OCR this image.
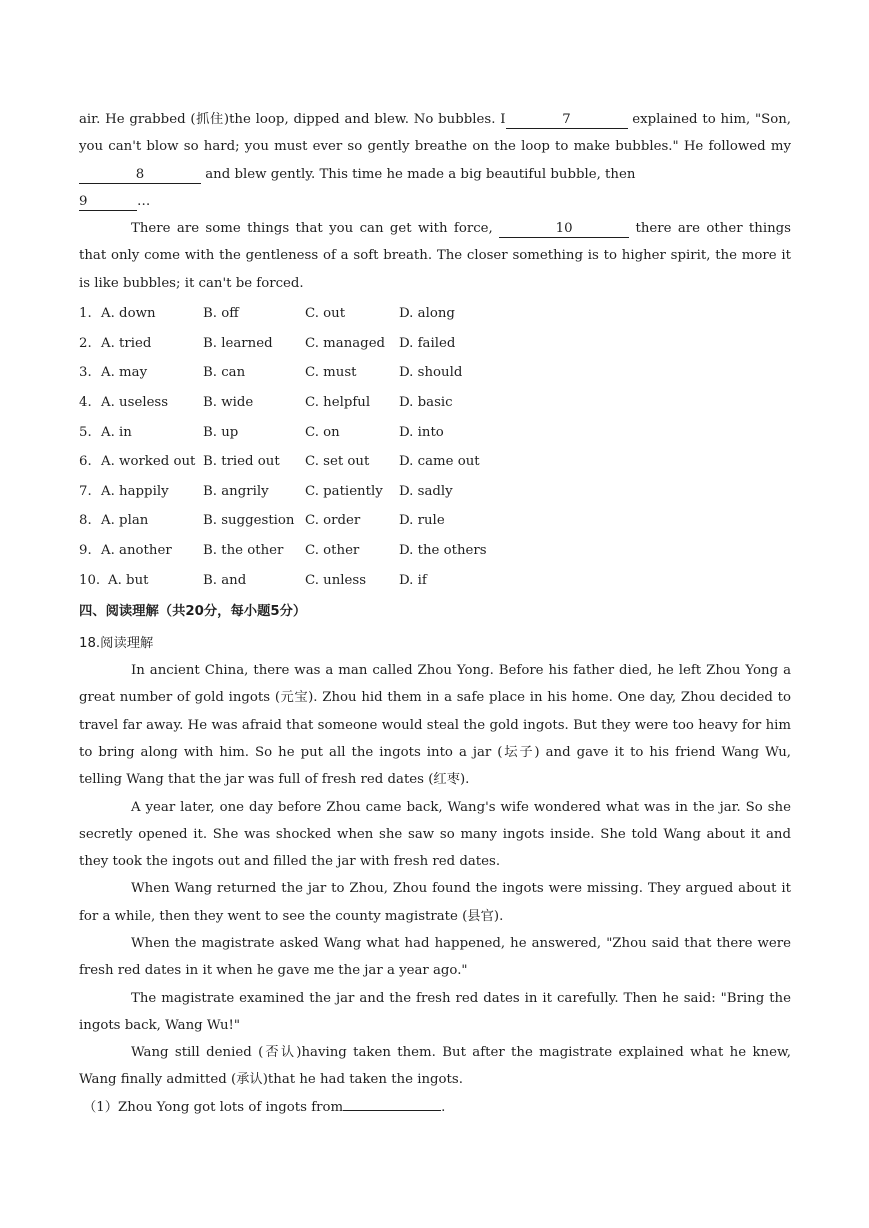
air. He grabbed (抓住)the loop, dipped and blew. No bubbles. I	7	explained to him, "Son, you can't blow so hard; you must ever so gently breathe on the loop to make bubbles." He followed my8	and blew gently. This time he made a big beautiful bubble, then
9	…

There are some things that you can get with force,	10	there are other things that only come with the gentleness of a soft breath. The closer something is to higher spirit, the more it is like bubbles; it can't be forced.

1. A. down	B. off	C. out	D. along
2. A. tried	B. learned	C. managed	D. failed
3. A. may	B. can	C. must	D. should
4. A. useless	B. wide	C. helpful	D. basic
5. A. in	B. up	C. on	D. into
6. A. worked out B. tried out	C. set out	D. came out
7. A. happily	B. angrily	C. patiently	D. sadly
8. A. plan	B. suggestion C. order	D. rule
9. A. another	B. the other	C. other	D. the others
10. A. but	B. and	C. unless	D. if
四、阅读理解（共20分，每小题5分）
18.阅读理解

In ancient China, there was a man called Zhou Yong. Before his father died, he left Zhou Yong a great number of gold ingots (元宝). Zhou hid them in a safe place in his home. One day, Zhou decided to travel far away. He was afraid that someone would steal the gold ingots. But they were too heavy for him to bring along with him. So he put all the ingots into a jar (坛子) and gave it to his friend Wang Wu, telling Wang that the jar was full of fresh red dates (红枣).

A year later, one day before Zhou came back, Wang's wife wondered what was in the jar. So she secretly opened it. She was shocked when she saw so many ingots inside. She told Wang about it and they took the ingots out and filled the jar with fresh red dates.

When Wang returned the jar to Zhou, Zhou found the ingots were missing. They argued about it for a while, then they went to see the county magistrate (县官).

When the magistrate asked Wang what had happened, he answered, "Zhou said that there were fresh red dates in it when he gave me the jar a year ago."

The magistrate examined the jar and the fresh red dates in it carefully. Then he said: "Bring the ingots back, Wang Wu!"

Wang still denied (否认)having taken them. But after the magistrate explained what he knew, Wang finally admitted (承认)that he had taken the ingots.

（1）Zhou Yong got lots of ingots from	.
